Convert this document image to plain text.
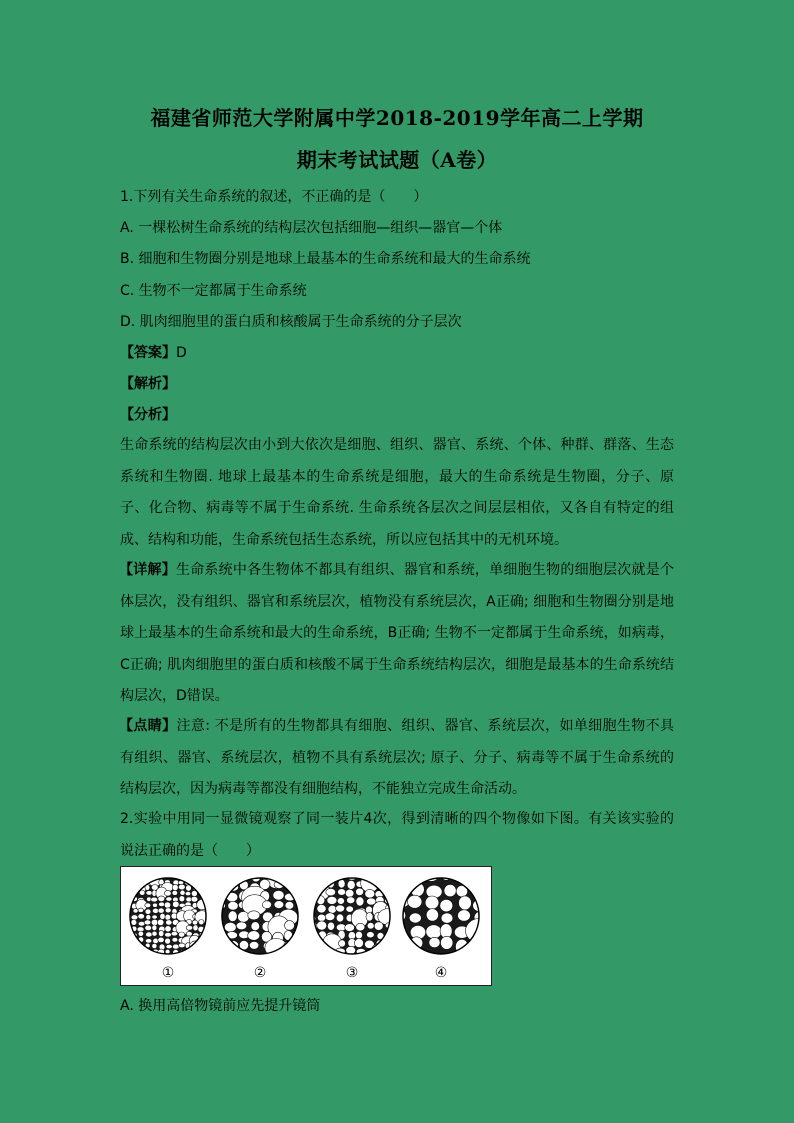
福建省师范大学附属中学2018-2019学年高二上学期
期末考试试题（A卷）
1.下列有关生命系统的叙述，不正确的是（　　）
A. 一棵松树生命系统的结构层次包括细胞—组织—器官—个体
B. 细胞和生物圈分别是地球上最基本的生命系统和最大的生命系统
C. 生物不一定都属于生命系统
D. 肌肉细胞里的蛋白质和核酸属于生命系统的分子层次
【答案】D
【解析】
【分析】
生命系统的结构层次由小到大依次是细胞、组织、器官、系统、个体、种群、群落、生态系统和生物圈. 地球上最基本的生命系统是细胞，最大的生命系统是生物圈，分子、原子、化合物、病毒等不属于生命系统. 生命系统各层次之间层层相依，又各自有特定的组成、结构和功能，生命系统包括生态系统，所以应包括其中的无机环境。
【详解】生命系统中各生物体不都具有组织、器官和系统，单细胞生物的细胞层次就是个体层次，没有组织、器官和系统层次，植物没有系统层次，A正确; 细胞和生物圈分别是地球上最基本的生命系统和最大的生命系统，B正确; 生物不一定都属于生命系统，如病毒，C正确; 肌肉细胞里的蛋白质和核酸不属于生命系统结构层次，细胞是最基本的生命系统结构层次，D错误。
【点睛】注意: 不是所有的生物都具有细胞、组织、器官、系统层次，如单细胞生物不具有组织、器官、系统层次，植物不具有系统层次; 原子、分子、病毒等不属于生命系统的结构层次，因为病毒等都没有细胞结构，不能独立完成生命活动。
2.实验中用同一显微镜观察了同一装片4次，得到清晰的四个物像如下图。有关该实验的说法正确的是（　　）
①	②	③	④
A. 换用高倍物镜前应先提升镜筒
